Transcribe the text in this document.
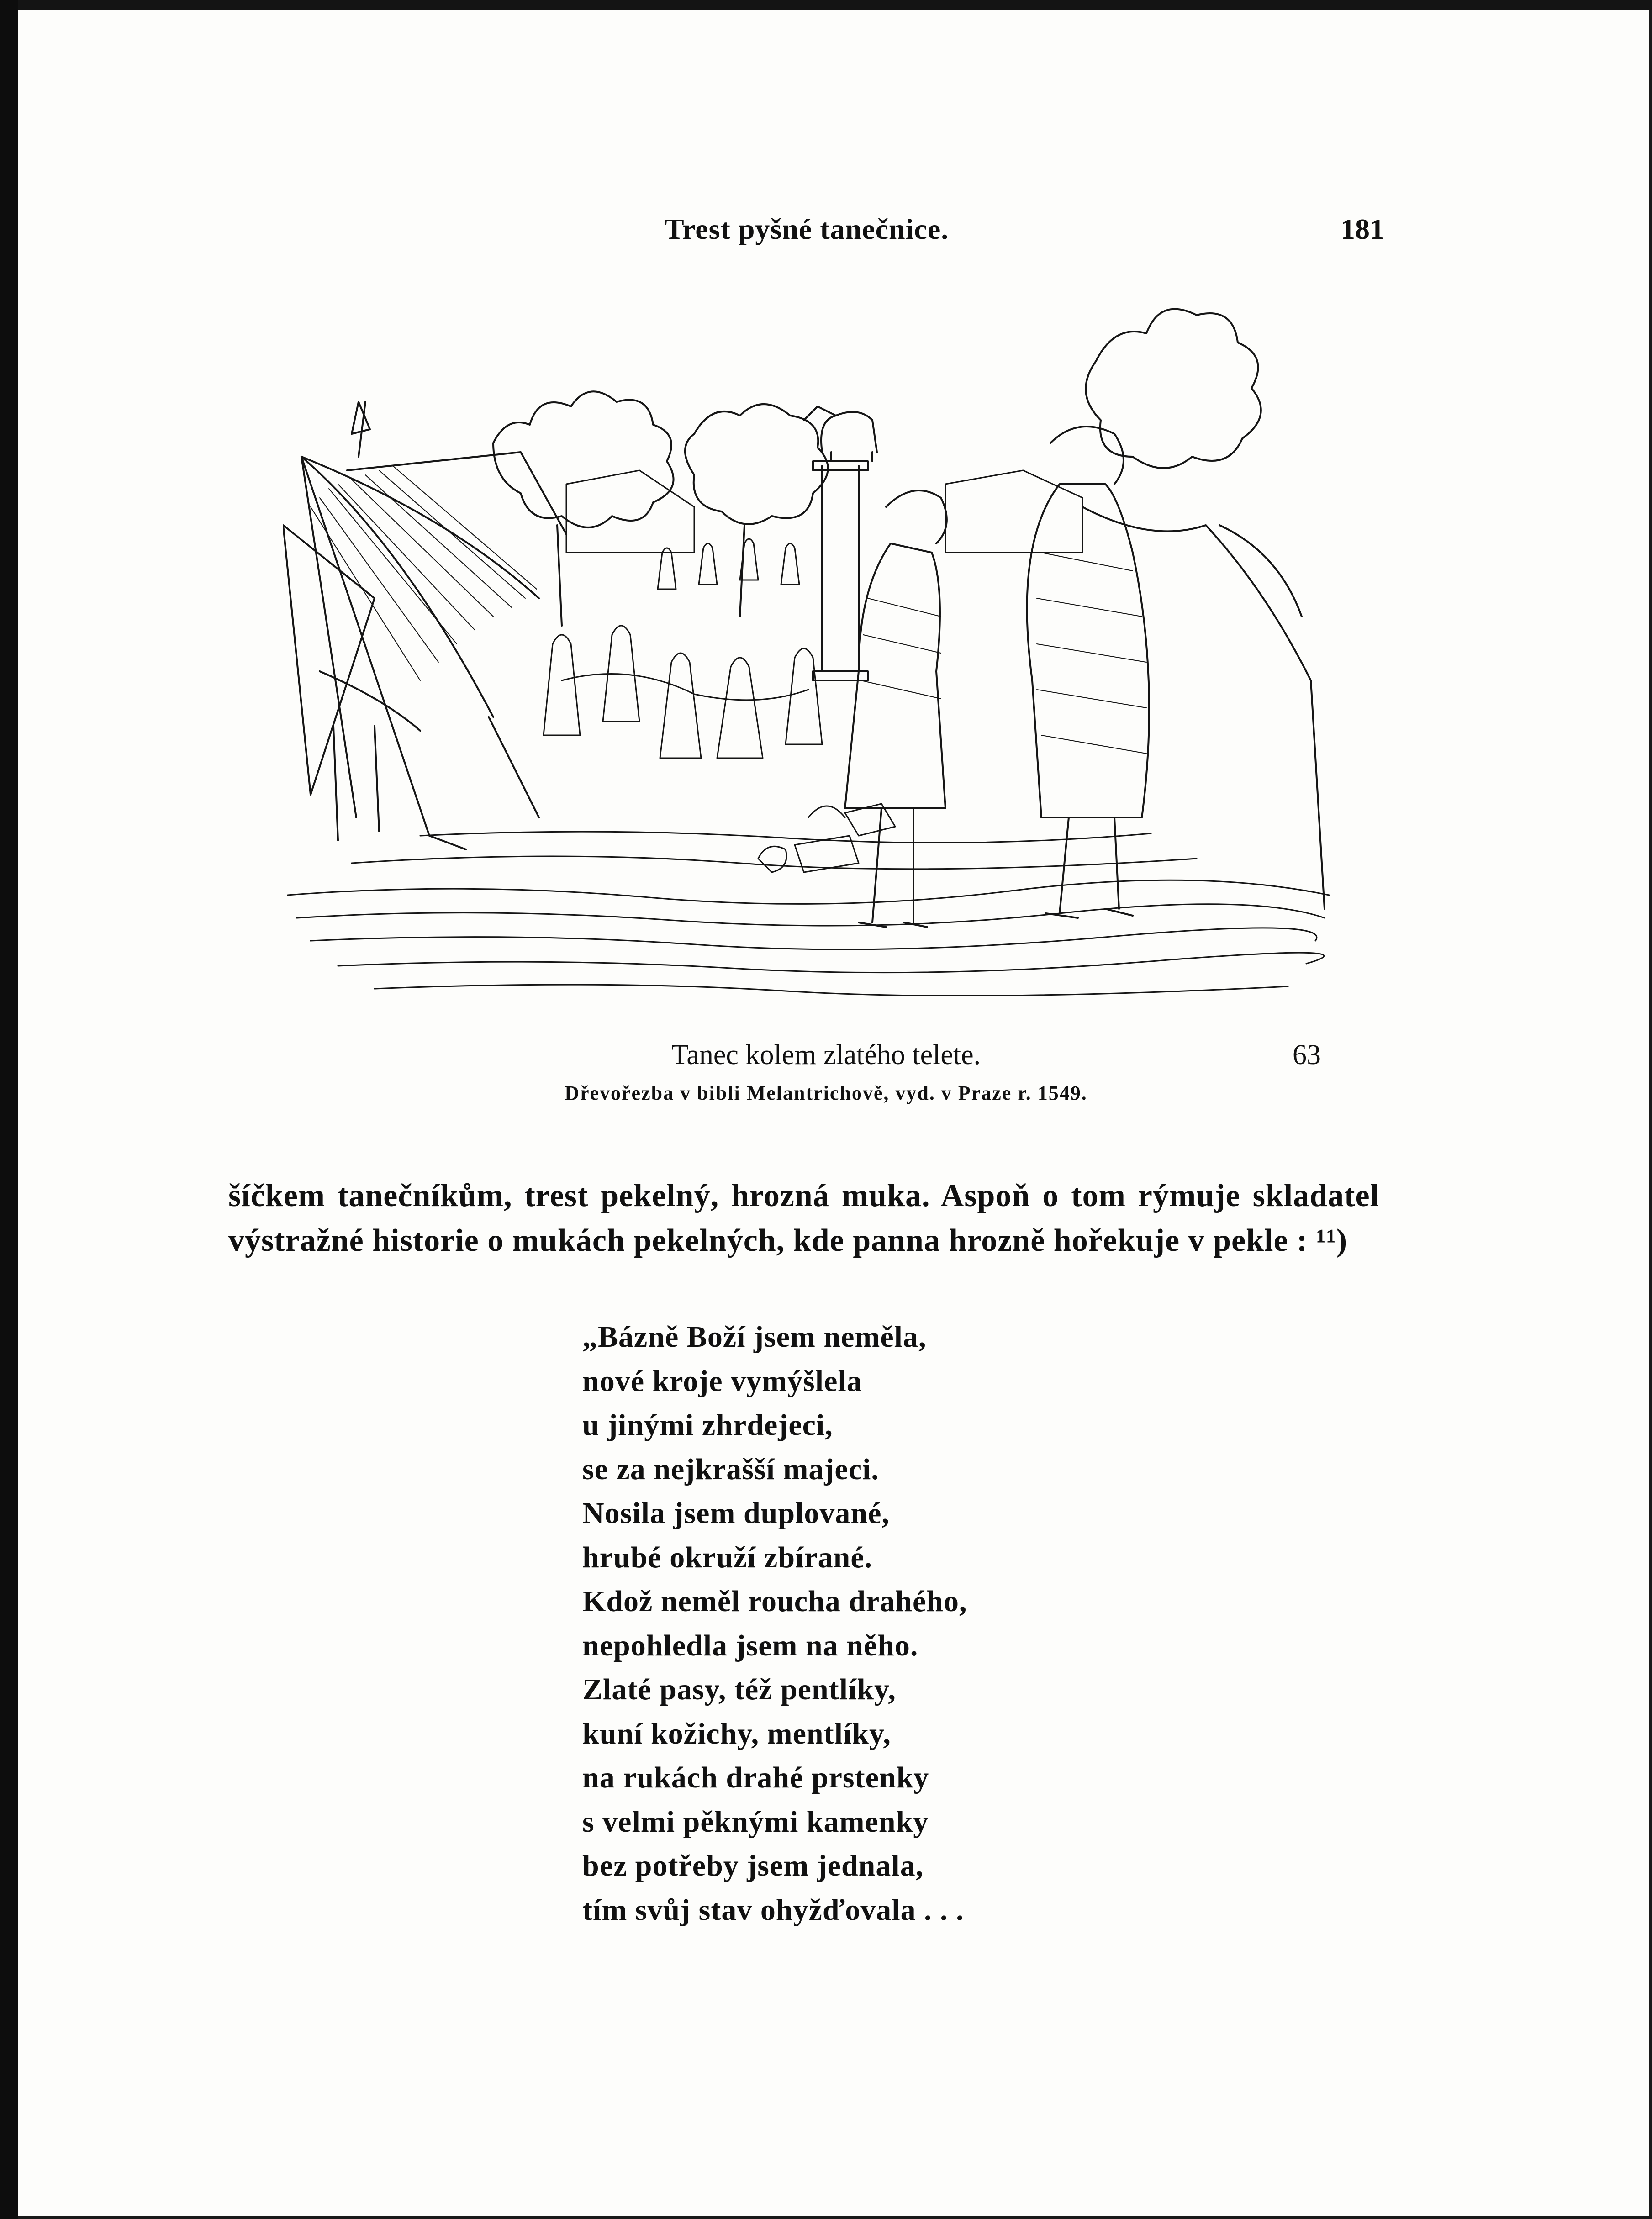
Trest pyšné tanečnice.	181
Tanec kolem zlatého telete.	63
Dřevořezba v bibli Melantrichově, vyd. v Praze r. 1549.
šíčkem tanečníkům, trest pekelný, hrozná muka. Aspoň o tom rýmuje skladatel výstražné historie o mukách pekelných, kde panna hrozně hořekuje v pekle : ¹¹)
„Bázně Boží jsem neměla,
nové kroje vymýšlela
u jinými zhrdejeci,
se za nejkrašší majeci.
Nosila jsem duplované,
hrubé okruží zbírané.
Kdož neměl roucha drahého,
nepohledla jsem na něho.
Zlaté pasy, též pentlíky,
kuní kožichy, mentlíky,
na rukách drahé prstenky
s velmi pěknými kamenky
bez potřeby jsem jednala,
tím svůj stav ohyžďovala . . .
